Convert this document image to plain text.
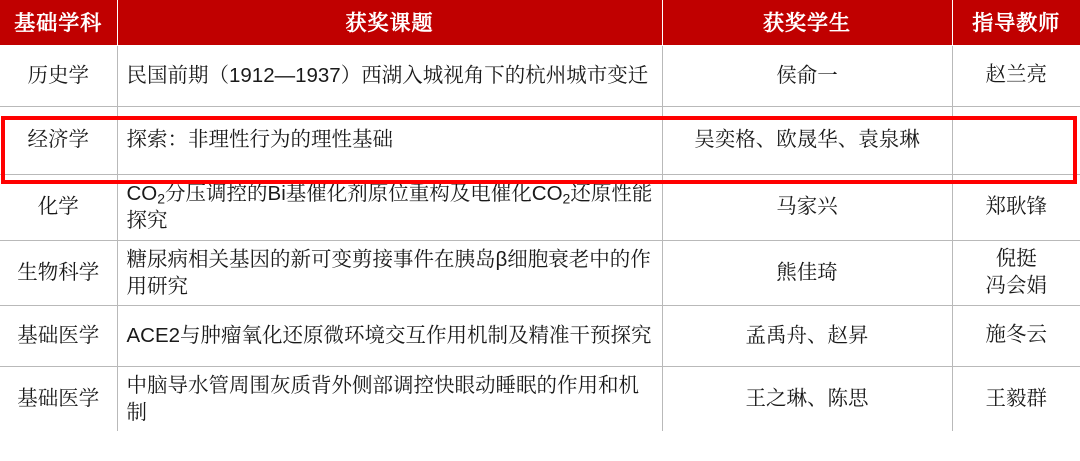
基础学科	获奖课题	获奖学生	指导教师
历史学	民国前期（1912—1937）西湖入城视角下的杭州城市变迁	侯俞一	赵兰亮

经济学	探索：非理性行为的理性基础	吴奕格、欧晟华、袁泉琳	

化学	$CO_2$分压调控的Bi基催化剂原位重构及电催化$CO_2$还原性能探究	马家兴	郑耿锋

生物科学	糖尿病相关基因的新可变剪接事件在胰岛β细胞衰老中的作用研究	熊佳琦	倪挺
冯会娟

基础医学	ACE2与肿瘤氧化还原微环境交互作用机制及精准干预探究	孟禹舟、赵昇	施冬云

基础医学	中脑导水管周围灰质背外侧部调控快眼动睡眠的作用和机制	王之琳、陈思	王毅群
